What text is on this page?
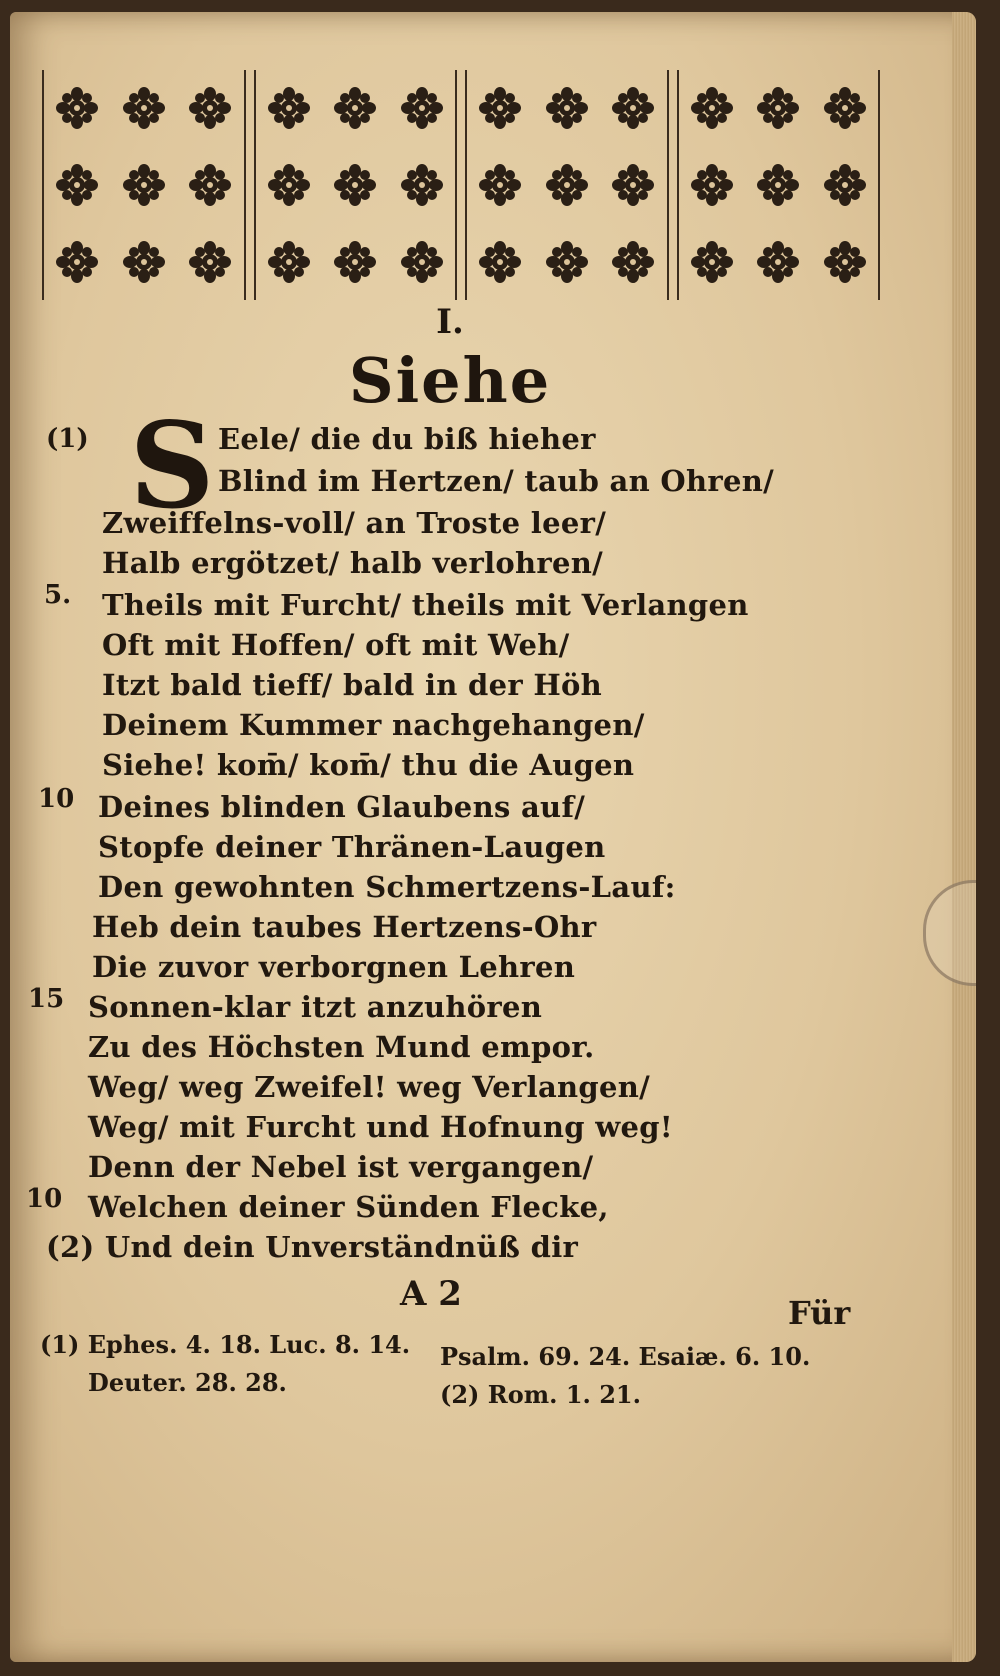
I.
Siehe
S Eele/ die du biß hieher
(1)
Blind im Hertzen/ taub an Ohren/
Zweiffelns-voll/ an Troste leer/
Halb ergötzet/ halb verlohren/
Theils mit Furcht/ theils mit Verlangen
5.
Oft mit Hoffen/ oft mit Weh/
Itzt bald tieff/ bald in der Höh
Deinem Kummer nachgehangen/
Siehe! kom̄/ kom̄/ thu die Augen
Deines blinden Glaubens auf/
10
Stopfe deiner Thränen-Laugen
Den gewohnten Schmertzens-Lauf:
Heb dein taubes Hertzens-Ohr
Die zuvor verborgnen Lehren
Sonnen-klar itzt anzuhören
15
Zu des Höchsten Mund empor.
Weg/ weg Zweifel! weg Verlangen/
Weg/ mit Furcht und Hofnung weg!
Denn der Nebel ist vergangen/
Welchen deiner Sünden Flecke,
10
(2) Und dein Unverständnüß dir
A 2	Für
(1) Ephes. 4. 18. Luc. 8. 14.
Deuter. 28. 28.
Psalm. 69. 24. Esaiæ. 6. 10.
(2) Rom. 1. 21.
